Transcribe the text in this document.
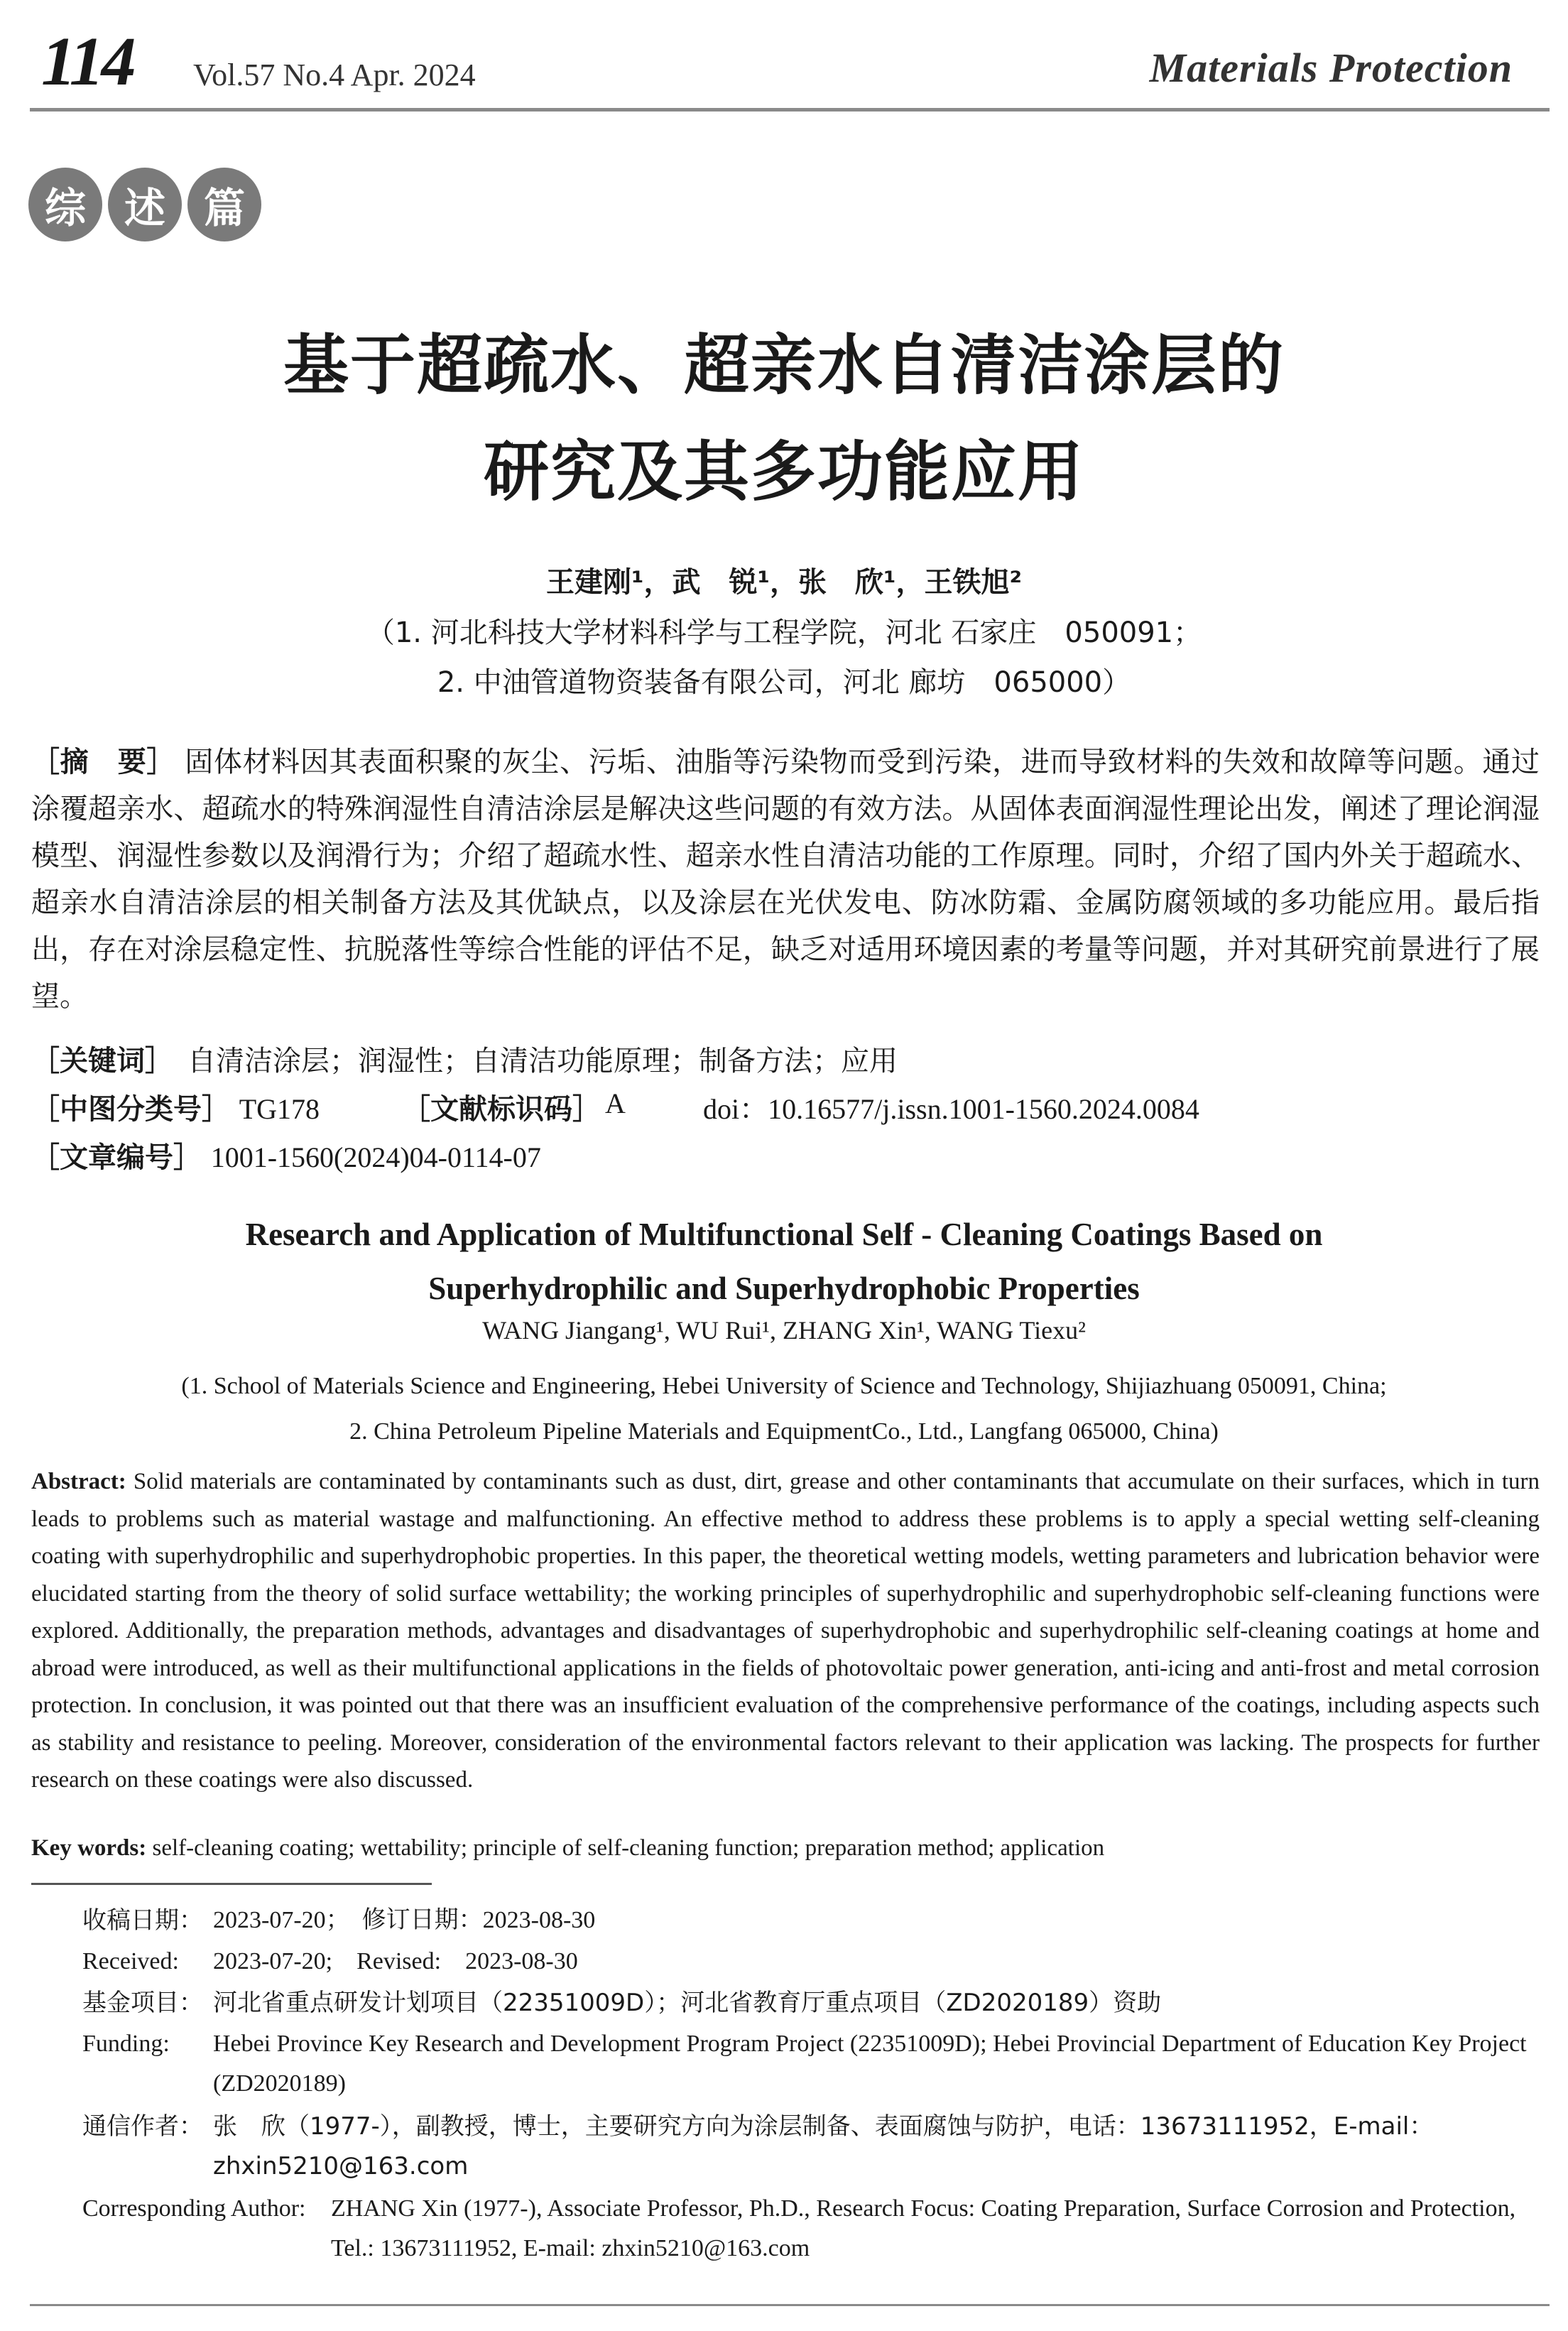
114 Vol.57 No.4 Apr. 2024	Materials Protection
综 述 篇
基于超疏水、超亲水自清洁涂层的
研究及其多功能应用
王建刚¹，武　锐¹，张　欣¹，王铁旭²
（1. 河北科技大学材料科学与工程学院，河北 石家庄　050091；
2. 中油管道物资装备有限公司，河北 廊坊　065000）
［摘　要］ 固体材料因其表面积聚的灰尘、污垢、油脂等污染物而受到污染，进而导致材料的失效和故障等问题。通过涂覆超亲水、超疏水的特殊润湿性自清洁涂层是解决这些问题的有效方法。从固体表面润湿性理论出发，阐述了理论润湿模型、润湿性参数以及润滑行为；介绍了超疏水性、超亲水性自清洁功能的工作原理。同时，介绍了国内外关于超疏水、超亲水自清洁涂层的相关制备方法及其优缺点，以及涂层在光伏发电、防冰防霜、金属防腐领域的多功能应用。最后指出，存在对涂层稳定性、抗脱落性等综合性能的评估不足，缺乏对适用环境因素的考量等问题，并对其研究前景进行了展望。
［关键词］　 自清洁涂层；润湿性；自清洁功能原理；制备方法；应用
［中图分类号］ TG178	［文献标识码］ A	doi：10.16577/j.issn.1001-1560.2024.0084
［文章编号］ 1001-1560(2024)04-0114-07
Research and Application of Multifunctional Self - Cleaning Coatings Based on
Superhydrophilic and Superhydrophobic Properties
WANG Jiangang¹, WU Rui¹, ZHANG Xin¹, WANG Tiexu²
(1. School of Materials Science and Engineering, Hebei University of Science and Technology, Shijiazhuang 050091, China;
2. China Petroleum Pipeline Materials and EquipmentCo., Ltd., Langfang 065000, China)
Abstract: Solid materials are contaminated by contaminants such as dust, dirt, grease and other contaminants that accumulate on their surfaces, which in turn leads to problems such as material wastage and malfunctioning. An effective method to address these problems is to apply a special wetting self-cleaning coating with superhydrophilic and superhydrophobic properties. In this paper, the theoretical wetting models, wetting parameters and lubrication behavior were elucidated starting from the theory of solid surface wettability; the working principles of superhydrophilic and superhydrophobic self-cleaning functions were explored. Additionally, the preparation methods, advantages and disadvantages of superhydrophobic and superhydrophilic self-cleaning coatings at home and abroad were introduced, as well as their multifunctional applications in the fields of photovoltaic power generation, anti-icing and anti-frost and metal corrosion protection. In conclusion, it was pointed out that there was an insufficient evaluation of the comprehensive performance of the coatings, including aspects such as stability and resistance to peeling. Moreover, consideration of the environmental factors relevant to their application was lacking. The prospects for further research on these coatings were also discussed.
Key words: self-cleaning coating; wettability; principle of self-cleaning function; preparation method; application
收稿日期： 2023-07-20；　修订日期：2023-08-30
Received: 2023-07-20;　Revised:　2023-08-30
基金项目： 河北省重点研发计划项目（22351009D）；河北省教育厅重点项目（ZD2020189）资助
Funding: Hebei Province Key Research and Development Program Project (22351009D); Hebei Provincial Department of Education Key Project (ZD2020189)
通信作者： 张　欣（1977-），副教授，博士，主要研究方向为涂层制备、表面腐蚀与防护，电话：13673111952，E-mail：zhxin5210@163.com
Corresponding Author: ZHANG Xin (1977-), Associate Professor, Ph.D., Research Focus: Coating Preparation, Surface Corrosion and Protection, Tel.: 13673111952, E-mail: zhxin5210@163.com
